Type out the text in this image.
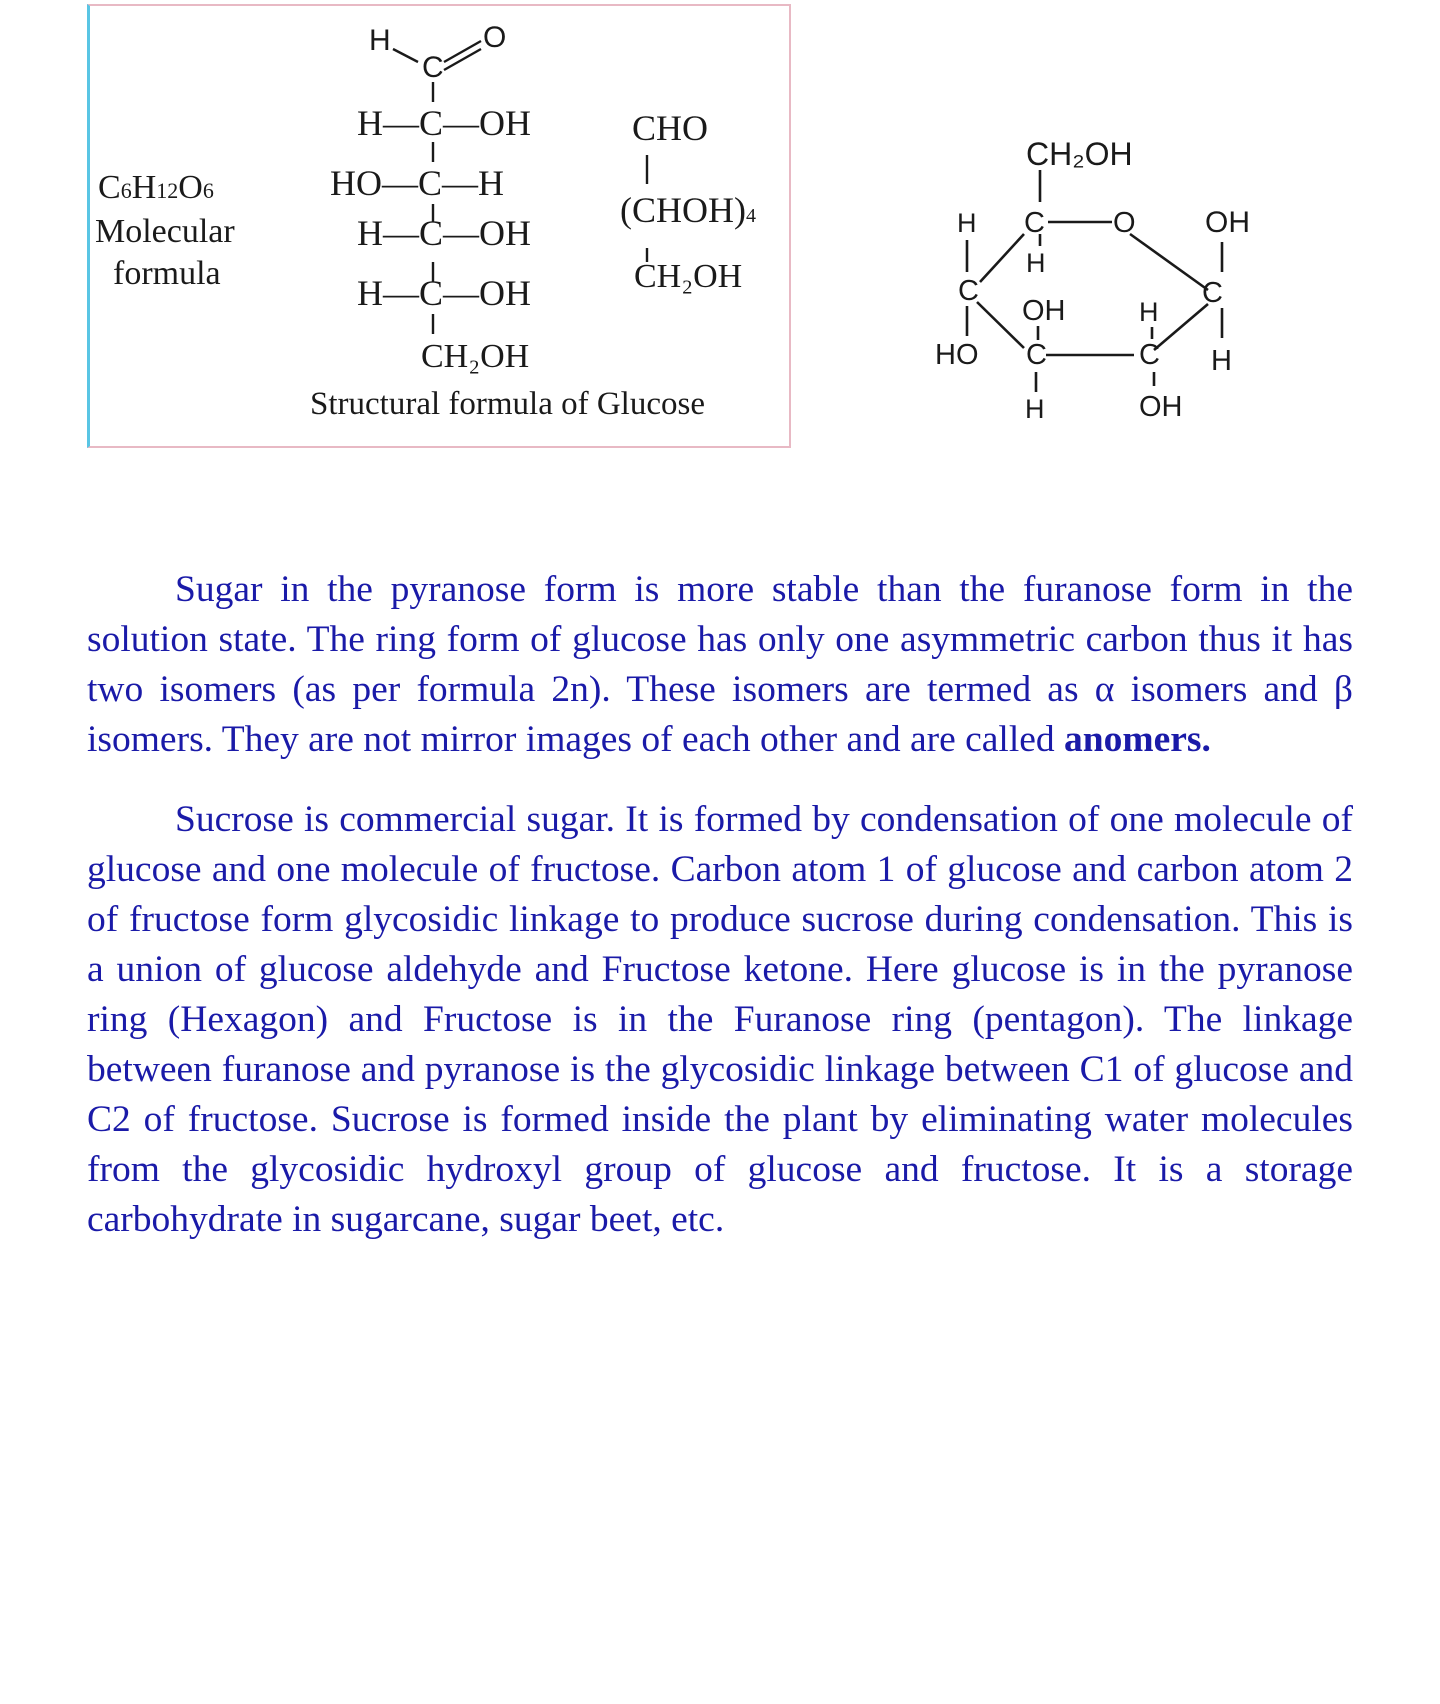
C6H12O6
Molecular
formula
H
C
O
H—C—OH
HO—C—H
H—C—OH
H—C—OH
CH₂OH
CHO
(CHOH)4
CH₂OH
Structural formula of Glucose
CH₂OH
C
H
O
C
OH
H
C
H
OH
C
OH
H
C
H
HO

Sugar in the pyranose form is more stable than the furanose form in the solution state. The ring form of glucose has only one asymmetric carbon thus it has two isomers (as per formula 2n). These isomers are termed as α isomers and β isomers. They are not mirror images of each other and are called anomers.

Sucrose is commercial sugar. It is formed by condensation of one molecule of glucose and one molecule of fructose. Carbon atom 1 of glucose and carbon atom 2 of fructose form glycosidic linkage to produce sucrose during condensation. This is a union of glucose aldehyde and Fructose ketone. Here glucose is in the pyranose ring (Hexagon) and Fructose is in the Furanose ring (pentagon). The linkage between furanose and pyranose is the glycosidic linkage between C1 of glucose and C2 of fructose. Sucrose is formed inside the plant by eliminating water molecules from the glycosidic hydroxyl group of glucose and fructose. It is a storage carbohydrate in sugarcane, sugar beet, etc.
